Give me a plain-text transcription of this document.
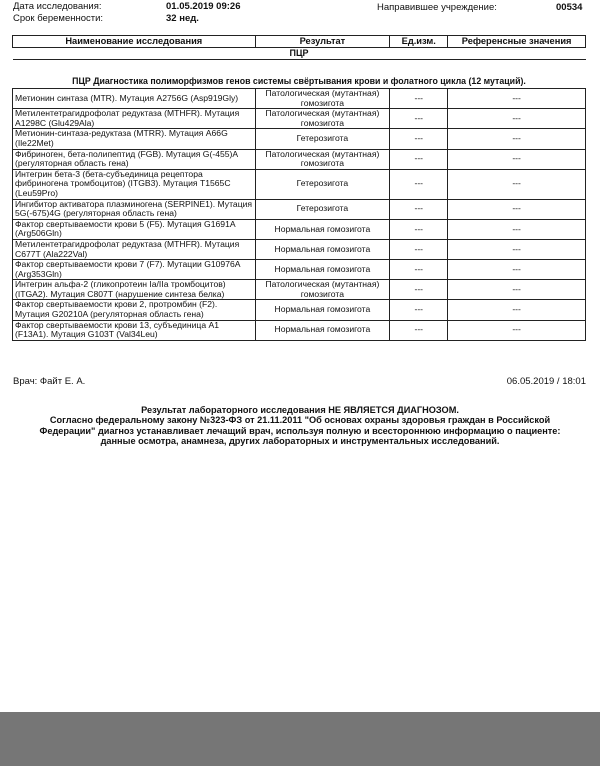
Дата исследования:	01.05.2019 09:26
Срок беременности:	32 нед.
Направившее учреждение:	00534
Наименование исследования	Результат	Ед.изм.	Референсные значения
ПЦР			

ПЦР Диагностика полиморфизмов генов системы свёртывания крови и фолатного цикла (12 мутаций).			
Метионин синтаза (MTR). Мутация A2756G (Asp919Gly)	Патологическая (мутантная) гомозигота	---	---
Метилентетрагидрофолат редуктаза (MTHFR). Мутация A1298C (Glu429Ala)	Патологическая (мутантная) гомозигота	---	---
Метионин-синтаза-редуктаза (MTRR). Мутация A66G (Ile22Met)	Гетерозигота	---	---
Фибриноген, бета-полипептид (FGB). Мутация G(-455)A (регуляторная область гена)	Патологическая (мутантная) гомозигота	---	---
Интегрин бета-3 (бета-субъединица рецептора фибриногена тромбоцитов) (ITGB3). Мутация T1565C (Leu59Pro)	Гетерозигота	---	---
Ингибитор активатора плазминогена (SERPINE1). Мутация 5G(-675)4G (регуляторная область гена)	Гетерозигота	---	---
Фактор свертываемости крови 5 (F5). Мутация G1691A (Arg506Gln)	Нормальная гомозигота	---	---
Метилентетрагидрофолат редуктаза (MTHFR). Мутация C677T (Ala222Val)	Нормальная гомозигота	---	---
Фактор свертываемости крови 7 (F7). Мутации G10976A (Arg353Gln)	Нормальная гомозигота	---	---
Интегрин альфа-2 (гликопротеин Ia/IIa тромбоцитов) (ITGA2). Мутация C807T (нарушение синтеза белка)	Патологическая (мутантная) гомозигота	---	---
Фактор свертываемости крови 2, протромбин (F2). Мутация G20210A (регуляторная область гена)	Нормальная гомозигота	---	---
Фактор свертываемости крови 13, субъединица A1 (F13A1). Мутация G103T (Val34Leu)	Нормальная гомозигота	---	---
Врач: Файт Е. А.	06.05.2019 / 18:01
Результат лабораторного исследования НЕ ЯВЛЯЕТСЯ ДИАГНОЗОМ.
Согласно федеральному закону №323-ФЗ от 21.11.2011 "Об основах охраны здоровья граждан в Российской Федерации" диагноз устанавливает лечащий врач, используя полную и всестороннюю информацию о пациенте: данные осмотра, анамнеза, других лабораторных и инструментальных исследований.
